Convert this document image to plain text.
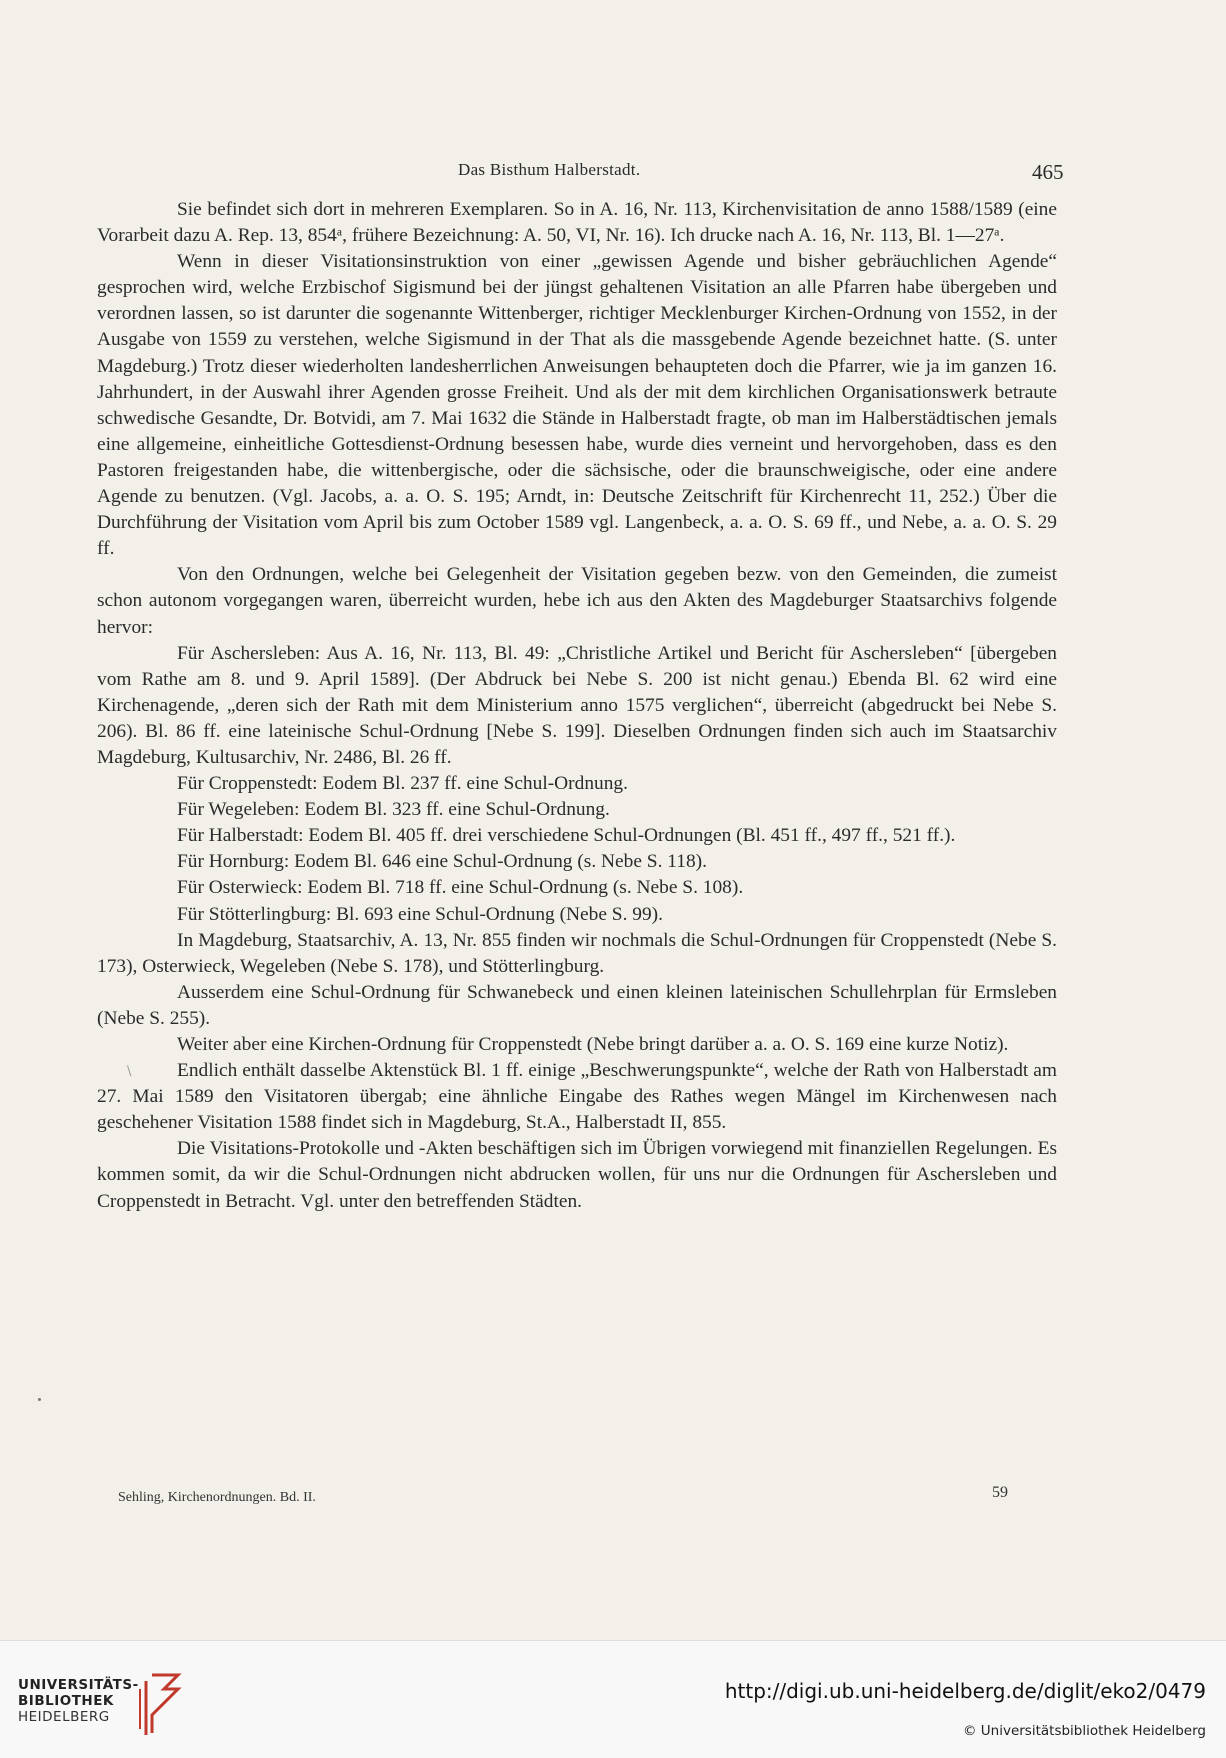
Das Bisthum Halberstadt.	465

Sie befindet sich dort in mehreren Exemplaren. So in A. 16, Nr. 113, Kirchenvisitation de anno 1588/1589 (eine Vorarbeit dazu A. Rep. 13, 854ᵃ, frühere Bezeichnung: A. 50, VI, Nr. 16). Ich drucke nach A. 16, Nr. 113, Bl. 1—27ᵃ.

Wenn in dieser Visitationsinstruktion von einer „gewissen Agende und bisher gebräuchlichen Agende“ gesprochen wird, welche Erzbischof Sigismund bei der jüngst gehaltenen Visitation an alle Pfarren habe übergeben und verordnen lassen, so ist darunter die sogenannte Wittenberger, richtiger Mecklenburger Kirchen-Ordnung von 1552, in der Ausgabe von 1559 zu verstehen, welche Sigismund in der That als die massgebende Agende bezeichnet hatte. (S. unter Magdeburg.) Trotz dieser wiederholten landesherrlichen Anweisungen behaupteten doch die Pfarrer, wie ja im ganzen 16. Jahrhundert, in der Auswahl ihrer Agenden grosse Freiheit. Und als der mit dem kirchlichen Organisationswerk betraute schwedische Gesandte, Dr. Botvidi, am 7. Mai 1632 die Stände in Halberstadt fragte, ob man im Halberstädtischen jemals eine allgemeine, einheitliche Gottesdienst-Ordnung besessen habe, wurde dies verneint und hervorgehoben, dass es den Pastoren freigestanden habe, die wittenbergische, oder die sächsische, oder die braunschweigische, oder eine andere Agende zu benutzen. (Vgl. Jacobs, a. a. O. S. 195; Arndt, in: Deutsche Zeitschrift für Kirchenrecht 11, 252.) Über die Durchführung der Visitation vom April bis zum October 1589 vgl. Langenbeck, a. a. O. S. 69 ff., und Nebe, a. a. O. S. 29 ff.

Von den Ordnungen, welche bei Gelegenheit der Visitation gegeben bezw. von den Gemeinden, die zumeist schon autonom vorgegangen waren, überreicht wurden, hebe ich aus den Akten des Magdeburger Staatsarchivs folgende hervor:

Für Aschersleben: Aus A. 16, Nr. 113, Bl. 49: „Christliche Artikel und Bericht für Aschersleben“ [übergeben vom Rathe am 8. und 9. April 1589]. (Der Abdruck bei Nebe S. 200 ist nicht genau.) Ebenda Bl. 62 wird eine Kirchenagende, „deren sich der Rath mit dem Ministerium anno 1575 verglichen“, überreicht (abgedruckt bei Nebe S. 206). Bl. 86 ff. eine lateinische Schul-Ordnung [Nebe S. 199]. Dieselben Ordnungen finden sich auch im Staatsarchiv Magdeburg, Kultusarchiv, Nr. 2486, Bl. 26 ff.

Für Croppenstedt: Eodem Bl. 237 ff. eine Schul-Ordnung.

Für Wegeleben: Eodem Bl. 323 ff. eine Schul-Ordnung.

Für Halberstadt: Eodem Bl. 405 ff. drei verschiedene Schul-Ordnungen (Bl. 451 ff., 497 ff., 521 ff.).

Für Hornburg: Eodem Bl. 646 eine Schul-Ordnung (s. Nebe S. 118).

Für Osterwieck: Eodem Bl. 718 ff. eine Schul-Ordnung (s. Nebe S. 108).

Für Stötterlingburg: Bl. 693 eine Schul-Ordnung (Nebe S. 99).

In Magdeburg, Staatsarchiv, A. 13, Nr. 855 finden wir nochmals die Schul-Ordnungen für Croppenstedt (Nebe S. 173), Osterwieck, Wegeleben (Nebe S. 178), und Stötterlingburg.

Ausserdem eine Schul-Ordnung für Schwanebeck und einen kleinen lateinischen Schullehrplan für Ermsleben (Nebe S. 255).

Weiter aber eine Kirchen-Ordnung für Croppenstedt (Nebe bringt darüber a. a. O. S. 169 eine kurze Notiz).

Endlich enthält dasselbe Aktenstück Bl. 1 ff. einige „Beschwerungspunkte“, welche der Rath von Halberstadt am 27. Mai 1589 den Visitatoren übergab; eine ähnliche Eingabe des Rathes wegen Mängel im Kirchenwesen nach geschehener Visitation 1588 findet sich in Magdeburg, St.A., Halberstadt II, 855.

Die Visitations-Protokolle und -Akten beschäftigen sich im Übrigen vorwiegend mit finanziellen Regelungen. Es kommen somit, da wir die Schul-Ordnungen nicht abdrucken wollen, für uns nur die Ordnungen für Aschersleben und Croppenstedt in Betracht. Vgl. unter den betreffenden Städten.

\
Sehling, Kirchenordnungen. Bd. II.	59
UNIVERSITÄTS-
BIBLIOTHEK
HEIDELBERG
http://digi.ub.uni-heidelberg.de/diglit/eko2/0479
© Universitätsbibliothek Heidelberg
